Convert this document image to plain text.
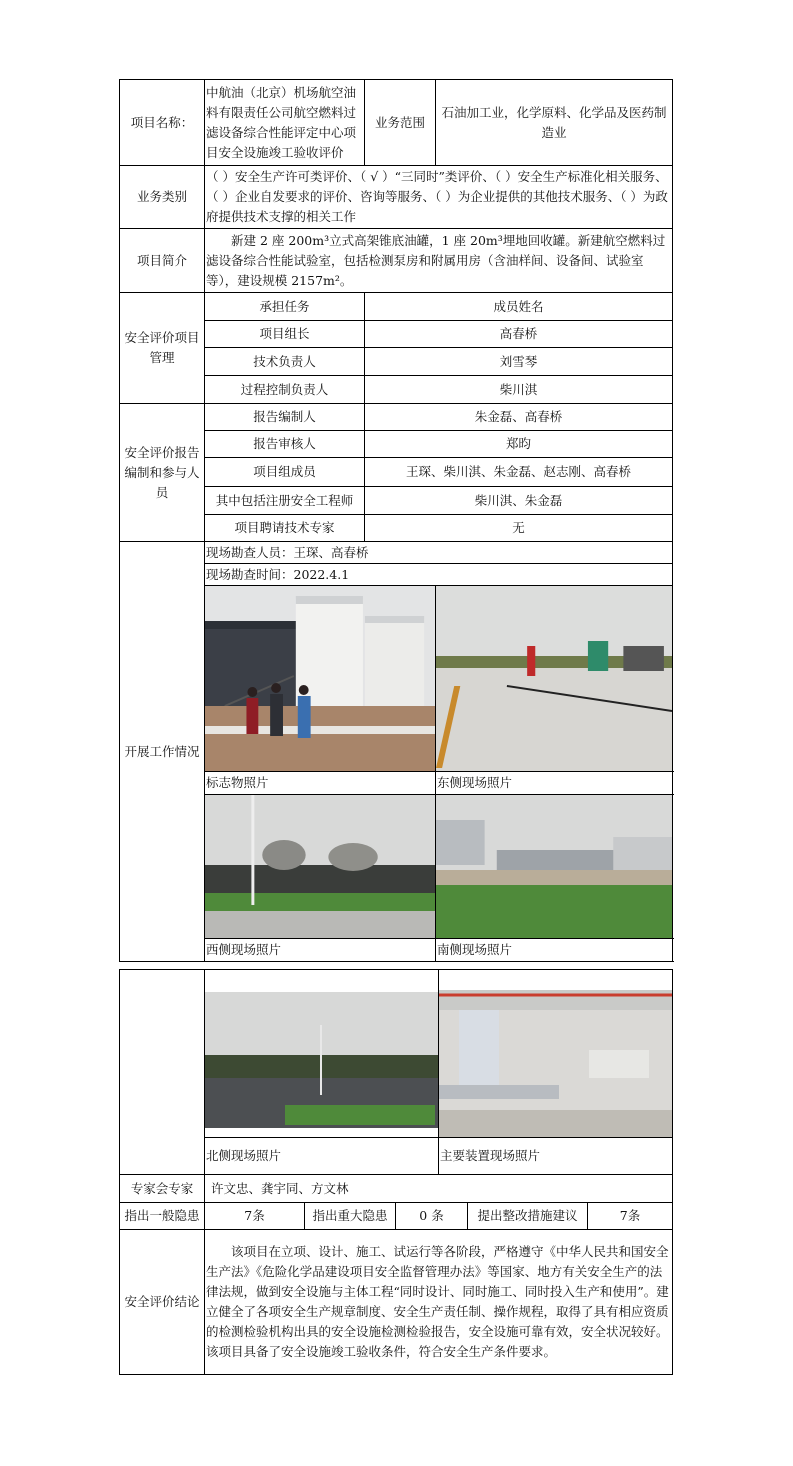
项目名称：	中航油（北京）机场航空油料有限责任公司航空燃料过滤设备综合性能评定中心项目安全设施竣工验收评价	业务范围	石油加工业，化学原料、化学品及医药制造业
业务类别	（ ）安全生产许可类评价、（ √ ）“三同时”类评价、（ ）安全生产标准化相关服务、（ ）企业自发要求的评价、咨询等服务、（ ）为企业提供的其他技术服务、（ ）为政府提供技术支撑的相关工作		
项目简介	新建 2 座 200m³立式高架锥底油罐，1 座 20m³埋地回收罐。新建航空燃料过滤设备综合性能试验室，包括检测泵房和附属用房（含油样间、设备间、试验室等），建设规模 2157m²。		
安全评价项目管理	承担任务	成员姓名	
	项目组长	高春桥	
	技术负责人	刘雪琴	
	过程控制负责人	柴川淇	
安全评价报告编制和参与人员	报告编制人	朱金磊、高春桥	
	报告审核人	郑昀	
	项目组成员	王琛、柴川淇、朱金磊、赵志刚、高春桥	
	其中包括注册安全工程师	柴川淇、朱金磊	
	项目聘请技术专家	无	
开展工作情况	现场勘查人员：王琛、高春桥		
	现场勘查时间：2022.4.1		

	标志物照片		东侧现场照片

	西侧现场照片		南侧现场照片

	北侧现场照片			主要装置现场照片		
专家会专家	许文忠、龚宇同、方文林					
指出一般隐患	7条	指出重大隐患	0 条		提出整改措施建议	7条
安全评价结论	该项目在立项、设计、施工、试运行等各阶段，严格遵守《中华人民共和国安全生产法》《危险化学品建设项目安全监督管理办法》等国家、地方有关安全生产的法律法规，做到安全设施与主体工程“同时设计、同时施工、同时投入生产和使用”。建立健全了各项安全生产规章制度、安全生产责任制、操作规程，取得了具有相应资质的检测检验机构出具的安全设施检测检验报告，安全设施可靠有效，安全状况较好。该项目具备了安全设施竣工验收条件，符合安全生产条件要求。					
